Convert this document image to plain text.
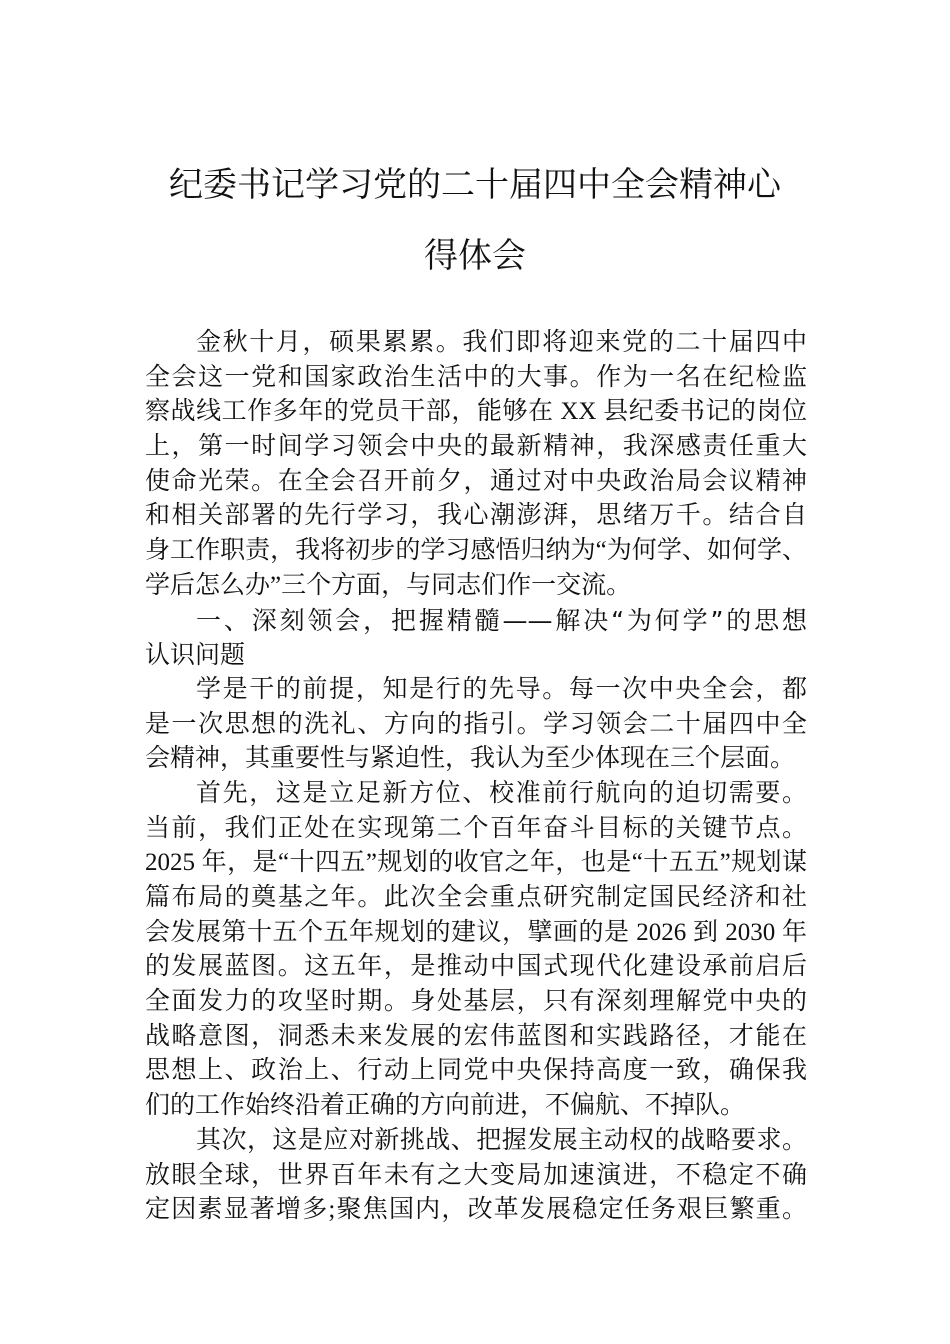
纪委书记学习党的二十届四中全会精神心
得体会
金秋十月，硕果累累。我们即将迎来党的二十届四中
全会这一党和国家政治生活中的大事。作为一名在纪检监
察战线工作多年的党员干部，能够在 XX 县纪委书记的岗位
上，第一时间学习领会中央的最新精神，我深感责任重大
使命光荣。在全会召开前夕，通过对中央政治局会议精神
和相关部署的先行学习，我心潮澎湃，思绪万千。结合自
身工作职责，我将初步的学习感悟归纳为“为何学、如何学、
学后怎么办”三个方面，与同志们作一交流。
一、深刻领会，把握精髓——解决“为何学”的思想
认识问题
学是干的前提，知是行的先导。每一次中央全会，都
是一次思想的洗礼、方向的指引。学习领会二十届四中全
会精神，其重要性与紧迫性，我认为至少体现在三个层面。
首先，这是立足新方位、校准前行航向的迫切需要。
当前，我们正处在实现第二个百年奋斗目标的关键节点。
2025 年，是“十四五”规划的收官之年，也是“十五五”规划谋
篇布局的奠基之年。此次全会重点研究制定国民经济和社
会发展第十五个五年规划的建议，擘画的是 2026 到 2030 年
的发展蓝图。这五年，是推动中国式现代化建设承前启后
全面发力的攻坚时期。身处基层，只有深刻理解党中央的
战略意图，洞悉未来发展的宏伟蓝图和实践路径，才能在
思想上、政治上、行动上同党中央保持高度一致，确保我
们的工作始终沿着正确的方向前进，不偏航、不掉队。
其次，这是应对新挑战、把握发展主动权的战略要求。
放眼全球，世界百年未有之大变局加速演进，不稳定不确
定因素显著增多;聚焦国内，改革发展稳定任务艰巨繁重。
